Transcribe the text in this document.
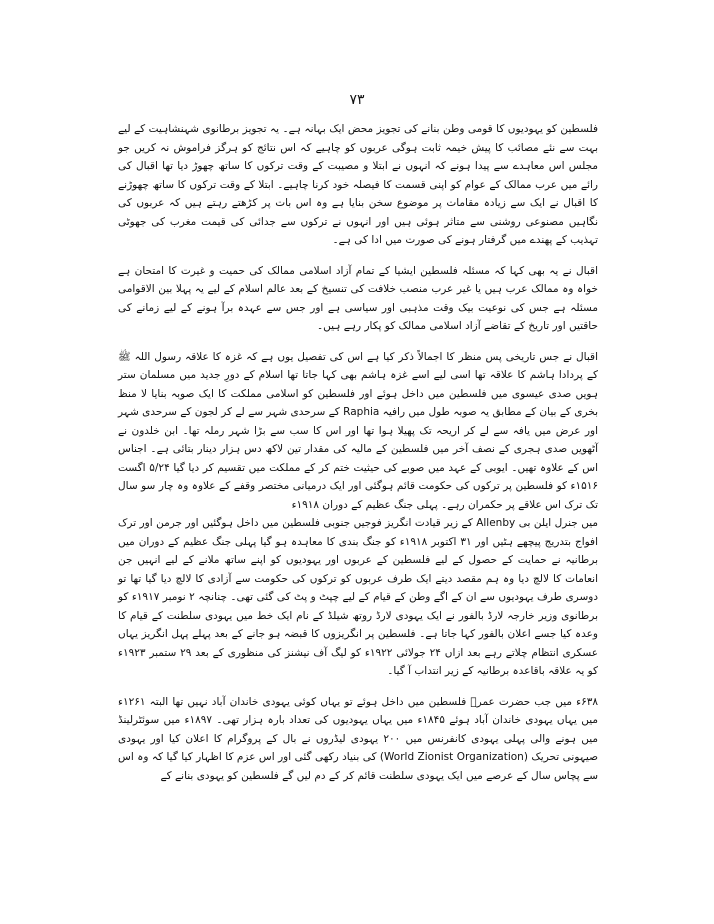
۷۳

فلسطین کو یہودیوں کا قومی وطن بنانے کی تجویز محض ایک بہانہ ہے۔ یہ تجویز برطانوی شہنشاہیت کے لیے بہت سے نئے مصائب کا پیش خیمہ ثابت ہوگی عربوں کو چاہیے کہ اس نتائج کو ہرگز فراموش نہ کریں جو مجلس اس معاہدے سے پیدا ہونے کہ انہوں نے ابتلا و مصیبت کے وقت ترکوں کا ساتھ چھوڑ دیا تھا اقبال کی رائے میں عرب ممالک کے عوام کو اپنی قسمت کا فیصلہ خود کرنا چاہیے۔ ابتلا کے وقت ترکوں کا ساتھ چھوڑنے کا اقبال نے ایک سے زیادہ مقامات پر موضوع سخن بنایا ہے وہ اس بات پر کڑھتے رہتے ہیں کہ عربوں کی نگاہیں مصنوعی روشنی سے متاثر ہوئی ہیں اور انہوں نے ترکوں سے جدائی کی قیمت مغرب کی جھوٹی تہذیب کے پھندے میں گرفتار ہونے کی صورت میں ادا کی ہے۔

اقبال نے یہ بھی کہا کہ مسئلہ فلسطین ایشیا کے تمام آزاد اسلامی ممالک کی حمیت و غیرت کا امتحان ہے خواہ وہ ممالک عرب ہیں یا غیر عرب منصب خلافت کی تنسیخ کے بعد عالم اسلام کے لیے یہ پہلا بین الاقوامی مسئلہ ہے جس کی نوعیت بیک وقت مذہبی اور سیاسی ہے اور جس سے عہدہ برآ ہونے کے لیے زمانے کی حاقتیں اور تاریخ کے تقاضے آزاد اسلامی ممالک کو پکار رہے ہیں۔

اقبال نے جس تاریخی پس منظر کا اجمالاً ذکر کیا ہے اس کی تفصیل یوں ہے کہ غزہ کا علاقہ رسول اللہ ﷺ کے پردادا ہاشم کا علاقہ تھا اسی لیے اسے غزہ ہاشم بھی کہا جاتا تھا اسلام کے دورِ جدید میں مسلمان ستر ہویں صدی عیسوی میں فلسطین میں داخل ہوئے اور فلسطین کو اسلامی مملکت کا ایک صوبہ بنایا لا منظ بخری کے بیان کے مطابق یہ صوبہ طول میں رافیہ Raphia کے سرحدی شہر سے لے کر لجون کے سرحدی شہر اور عرض میں یافہ سے لے کر اریحہ تک پھیلا ہوا تھا اور اس کا سب سے بڑا شہر رملہ تھا۔ ابن خلدون نے آٹھویں صدی ہجری کے نصف آخر میں فلسطین کے مالیہ کی مقدار تین لاکھ دس ہزار دینار بتائی ہے۔ اجناس اس کے علاوہ تھیں۔ ایوبی کے عہد میں صوبے کی حیثیت ختم کر کے مملکت میں تقسیم کر دیا گیا ۵/۲۴ اگست ۱۵۱۶ء کو فلسطین پر ترکوں کی حکومت قائم ہوگئی اور ایک درمیانی مختصر وقفے کے علاوہ وہ چار سو سال تک ترک اس علاقے پر حکمران رہے۔ پہلی جنگ عظیم کے دوران ۱۹۱۸ء

میں جنرل ایلن بی Allenby کے زیر قیادت انگریز فوجیں جنوبی فلسطین میں داخل ہوگئیں اور جرمن اور ترک افواج بتدریج پیچھے ہٹیں اور ۳۱ اکتوبر ۱۹۱۸ء کو جنگ بندی کا معاہدہ ہو گیا پہلی جنگ عظیم کے دوران میں برطانیہ نے حمایت کے حصول کے لیے فلسطین کے عربوں اور یہودیوں کو اپنے ساتھ ملانے کے لیے انہیں جن انعامات کا لالچ دیا وہ ہم مقصد دیتے ایک طرف عربوں کو ترکوں کی حکومت سے آزادی کا لالچ دیا گیا تھا تو دوسری طرف یہودیوں سے ان کے اگے وطن کے قیام کے لیے چپٹ و پٹ کی گئی تھی۔ چنانچہ ۲ نومبر ۱۹۱۷ء کو برطانوی وزیر خارجہ لارڈ بالفور نے ایک یہودی لارڈ روتھ شیلڈ کے نام ایک خط میں یہودی سلطنت کے قیام کا وعدہ کیا جسے اعلان بالفور کہا جاتا ہے۔ فلسطین پر انگریزوں کا قبضہ ہو جانے کے بعد پہلے پہل انگریز یہاں عسکری انتظام چلاتے رہے بعد ازاں ۲۴ جولائی ۱۹۲۲ء کو لیگ آف نیشنز کی منظوری کے بعد ۲۹ ستمبر ۱۹۲۳ء کو یہ علاقہ باقاعدہ برطانیہ کے زیر انتداب آ گیا۔

۶۳۸ء میں جب حضرت عمرؓ فلسطین میں داخل ہوئے تو یہاں کوئی یہودی خاندان آباد نہیں تھا البتہ ۱۲۶۱ء میں یہاں یہودی خاندان آباد ہوئے ۱۸۴۵ء میں یہاں یہودیوں کی تعداد بارہ ہزار تھی۔ ۱۸۹۷ء میں سوئٹرلینڈ میں ہونے والی پہلی یہودی کانفرنس میں ۲۰۰ یہودی لیڈروں نے بال کے پروگرام کا اعلان کیا اور یہودی صیہونی تحریک (World Zionist Organization) کی بنیاد رکھی گئی اور اس عزم کا اظہار کیا گیا کہ وہ اس سے پچاس سال کے عرصے میں ایک یہودی سلطنت قائم کر کے دم لیں گے فلسطین کو یہودی بنانے کے
